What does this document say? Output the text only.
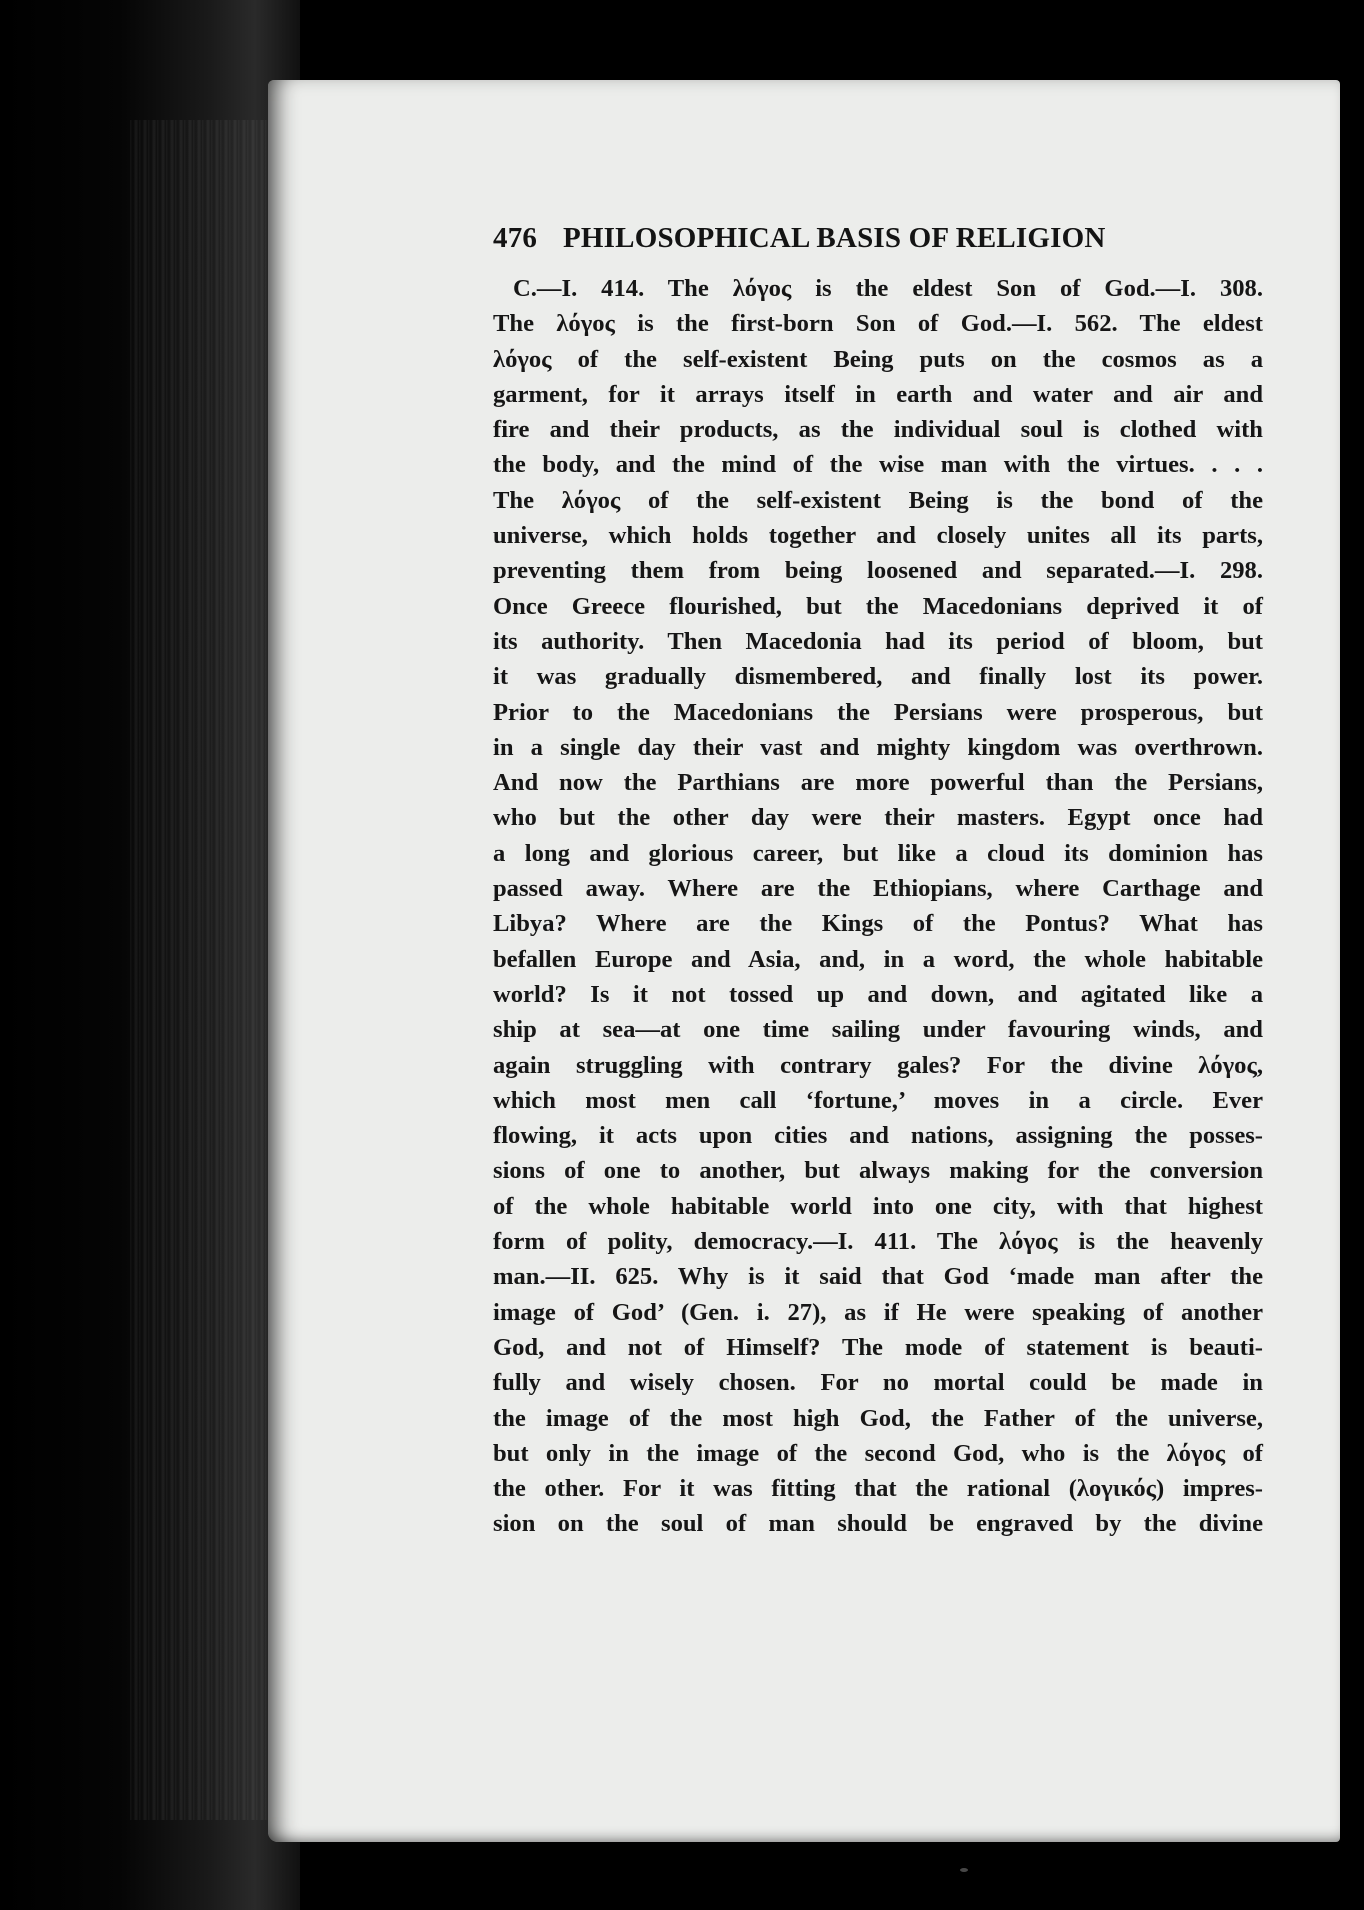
476 PHILOSOPHICAL BASIS OF RELIGION

C.—I. 414. The λόγος is the eldest Son of God.—I. 308.
The λόγος is the first-born Son of God.—I. 562. The eldest
λόγος of the self-existent Being puts on the cosmos as a
garment, for it arrays itself in earth and water and air and
fire and their products, as the individual soul is clothed with
the body, and the mind of the wise man with the virtues. . . .
The λόγος of the self-existent Being is the bond of the
universe, which holds together and closely unites all its parts,
preventing them from being loosened and separated.—I. 298.
Once Greece flourished, but the Macedonians deprived it of
its authority. Then Macedonia had its period of bloom, but
it was gradually dismembered, and finally lost its power.
Prior to the Macedonians the Persians were prosperous, but
in a single day their vast and mighty kingdom was overthrown.
And now the Parthians are more powerful than the Persians,
who but the other day were their masters. Egypt once had
a long and glorious career, but like a cloud its dominion has
passed away. Where are the Ethiopians, where Carthage and
Libya? Where are the Kings of the Pontus? What has
befallen Europe and Asia, and, in a word, the whole habitable
world? Is it not tossed up and down, and agitated like a
ship at sea—at one time sailing under favouring winds, and
again struggling with contrary gales? For the divine λόγος,
which most men call ‘fortune,’ moves in a circle. Ever
flowing, it acts upon cities and nations, assigning the posses-
sions of one to another, but always making for the conversion
of the whole habitable world into one city, with that highest
form of polity, democracy.—I. 411. The λόγος is the heavenly
man.—II. 625. Why is it said that God ‘made man after the
image of God’ (Gen. i. 27), as if He were speaking of another
God, and not of Himself? The mode of statement is beauti-
fully and wisely chosen. For no mortal could be made in
the image of the most high God, the Father of the universe,
but only in the image of the second God, who is the λόγος of
the other. For it was fitting that the rational (λογικός) impres-
sion on the soul of man should be engraved by the divine
